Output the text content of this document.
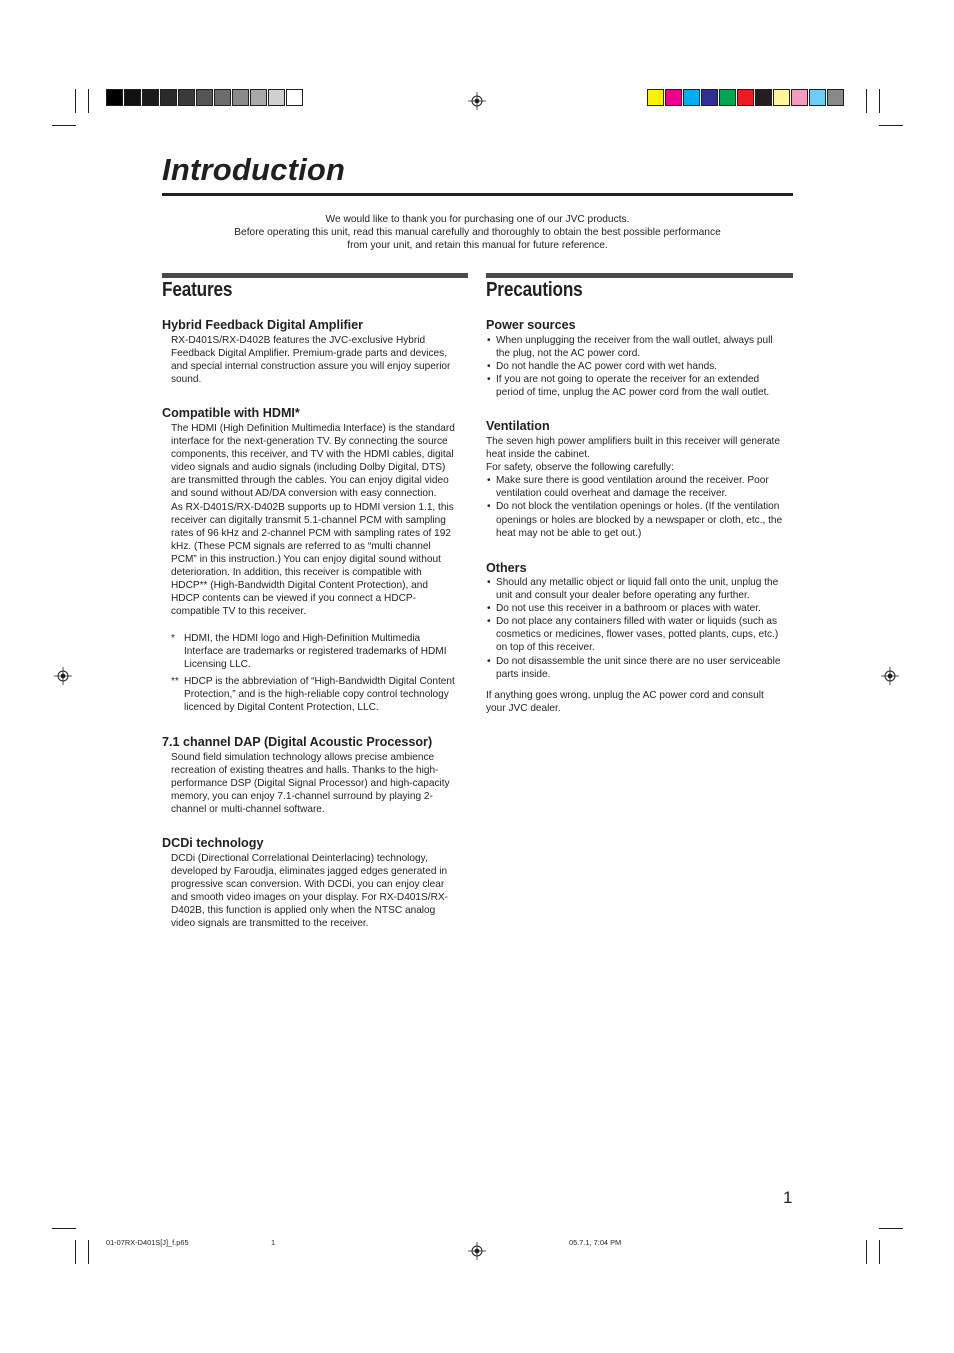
Introduction
We would like to thank you for purchasing one of our JVC products.
Before operating this unit, read this manual carefully and thoroughly to obtain the best possible performance
from your unit, and retain this manual for future reference.
Features	Precautions
Hybrid Feedback Digital Amplifier
RX-D401S/RX-D402B features the JVC-exclusive Hybrid
Feedback Digital Amplifier. Premium-grade parts and devices,
and special internal construction assure you will enjoy superior
sound.
Compatible with HDMI*
The HDMI (High Definition Multimedia Interface) is the standard
interface for the next-generation TV. By connecting the source
components, this receiver, and TV with the HDMI cables, digital
video signals and audio signals (including Dolby Digital, DTS)
are transmitted through the cables. You can enjoy digital video
and sound without AD/DA conversion with easy connection.
As RX-D401S/RX-D402B supports up to HDMI version 1.1, this
receiver can digitally transmit 5.1-channel PCM with sampling
rates of 96 kHz and 2-channel PCM with sampling rates of 192
kHz. (These PCM signals are referred to as “multi channel
PCM” in this instruction.) You can enjoy digital sound without
deterioration. In addition, this receiver is compatible with
HDCP** (High-Bandwidth Digital Content Protection), and
HDCP contents can be viewed if you connect a HDCP-
compatible TV to this receiver.
* HDMI, the HDMI logo and High-Definition Multimedia
Interface are trademarks or registered trademarks of HDMI
Licensing LLC.
** HDCP is the abbreviation of “High-Bandwidth Digital Content
Protection,” and is the high-reliable copy control technology
licenced by Digital Content Protection, LLC.
7.1 channel DAP (Digital Acoustic Processor)
Sound field simulation technology allows precise ambience
recreation of existing theatres and halls. Thanks to the high-
performance DSP (Digital Signal Processor) and high-capacity
memory, you can enjoy 7.1-channel surround by playing 2-
channel or multi-channel software.
DCDi technology
DCDi (Directional Correlational Deinterlacing) technology,
developed by Faroudja, eliminates jagged edges generated in
progressive scan conversion. With DCDi, you can enjoy clear
and smooth video images on your display. For RX-D401S/RX-
D402B, this function is applied only when the NTSC analog
video signals are transmitted to the receiver.
Power sources
• When unplugging the receiver from the wall outlet, always pull
the plug, not the AC power cord.
• Do not handle the AC power cord with wet hands.
• If you are not going to operate the receiver for an extended
period of time, unplug the AC power cord from the wall outlet.
Ventilation
The seven high power amplifiers built in this receiver will generate
heat inside the cabinet.
For safety, observe the following carefully:
• Make sure there is good ventilation around the receiver. Poor
ventilation could overheat and damage the receiver.
• Do not block the ventilation openings or holes. (If the ventilation
openings or holes are blocked by a newspaper or cloth, etc., the
heat may not be able to get out.)
Others
• Should any metallic object or liquid fall onto the unit, unplug the
unit and consult your dealer before operating any further.
• Do not use this receiver in a bathroom or places with water.
• Do not place any containers filled with water or liquids (such as
cosmetics or medicines, flower vases, potted plants, cups, etc.)
on top of this receiver.
• Do not disassemble the unit since there are no user serviceable
parts inside.
If anything goes wrong, unplug the AC power cord and consult
your JVC dealer.
1
01-07RX-D401S[J]_f.p65	1	05.7.1, 7:04 PM
